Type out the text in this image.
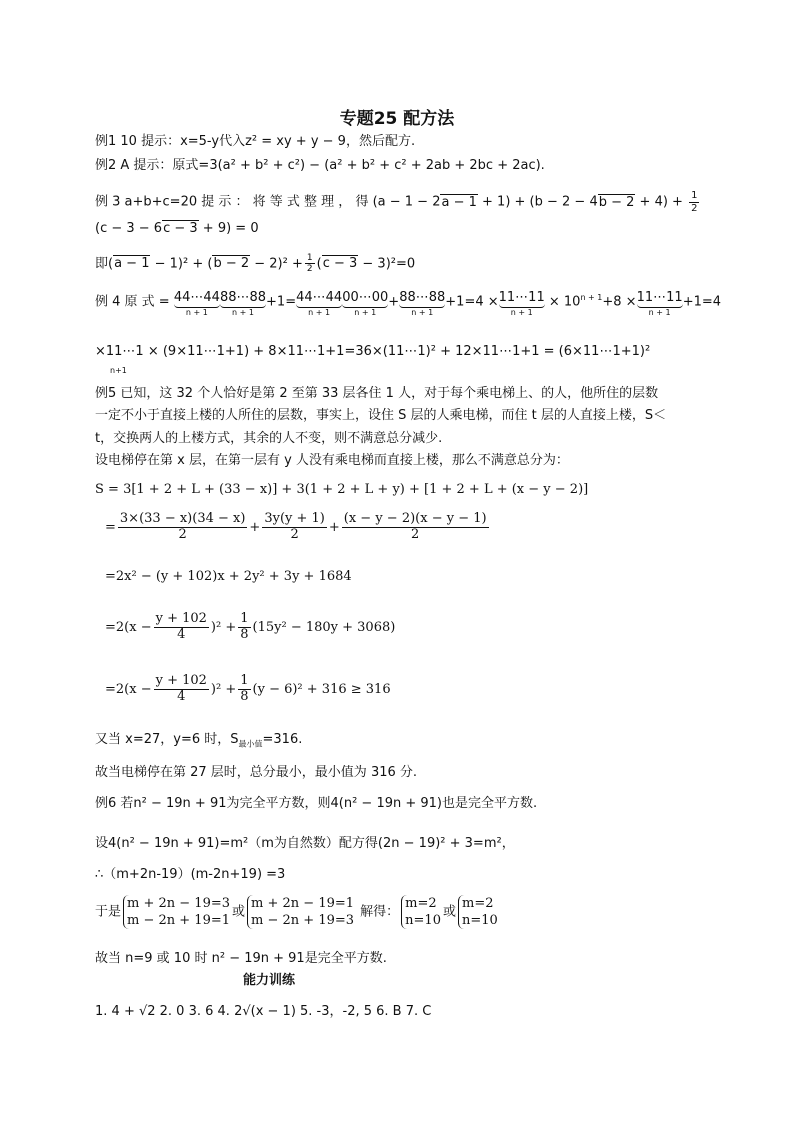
专题25 配方法
例1 10 提示：x=5-y代入z² = xy + y − 9，然后配方.
例2 A 提示：原式=3(a² + b² + c²) − (a² + b² + c² + 2ab + 2bc + 2ac).
例 3 a+b+c=20 提 示 ： 将 等 式 整 理 ， 得 $(a - 1 - 2a - 1 + 1) + (b - 2 - 4b - 2 + 4) + \frac{1}{2}$
(c − 3 − 6c − 3 + 9) = 0
即$(a - 1 - 1)^2 + (b - 2 - 2)^2 + \frac{1}{2} (c - 3 - 3)^2=0$
例 4 原 式 = 44⋯44
n + 1
88⋯88
n + 1
+1=44⋯44
n + 1
00⋯00
n + 1
+88⋯88
n + 1
+1=4 ×11⋯11
n + 1
× $10^{n + 1}+8$ ×11⋯11
n + 1
+1=4
×11⋯1 × (9×11⋯1+1) + 8×11⋯1+1=36×(11⋯1)² + 12×11⋯1+1 = (6×11⋯1+1)²
n+1
例5 已知，这 32 个人恰好是第 2 至第 33 层各住 1 人，对于每个乘电梯上、的人，他所住的层数
一定不小于直接上楼的人所住的层数，事实上，设住 S 层的人乘电梯，而住 t 层的人直接上楼，S＜
t，交换两人的上楼方式，其余的人不变，则不满意总分减少.
设电梯停在第 x 层，在第一层有 y 人没有乘电梯而直接上楼，那么不满意总分为：
S = 3[1 + 2 + L + (33 − x)] + 3(1 + 2 + L + y) + [1 + 2 + L + (x − y − 2)]
= $\frac{3\times(33 - x)(34 - x)}{2} + \frac{3y(y + 1)}{2} + \frac{(x - y - 2)(x - y - 1)}{2}$
=2x² − (y + 102)x + 2y² + 3y + 1684
$=2(x - \frac{y + 102}{4} )^2 + \frac{1}{8} (15y^2 - 180y + 3068)$
$=2(x - \frac{y + 102}{4} )^2 + \frac{1}{8} (y - 6)^2 + 316 \ge 316$
又当 x=27，y=6 时，$S_{最小值}=316$.
故当电梯停在第 27 层时，总分最小，最小值为 316 分.
例6 若n² − 19n + 91为完全平方数，则4(n² − 19n + 91)也是完全平方数.
设4(n² − 19n + 91)=m²（m为自然数）配方得(2n − 19)² + 3=m²，
∴（m+2n-19）(m-2n+19) =3
于是
m + 2n − 19=3
m − 2n + 19=1
或
m + 2n − 19=1
m − 2n + 19=3
解得：
m=2
n=10
或
m=2
n=10
故当 n=9 或 10 时 n² − 19n + 91是完全平方数.
能力训练
1. 4 + √2 2. 0 3. 6 4. 2√(x − 1) 5. -3，-2, 5 6. B 7. C
